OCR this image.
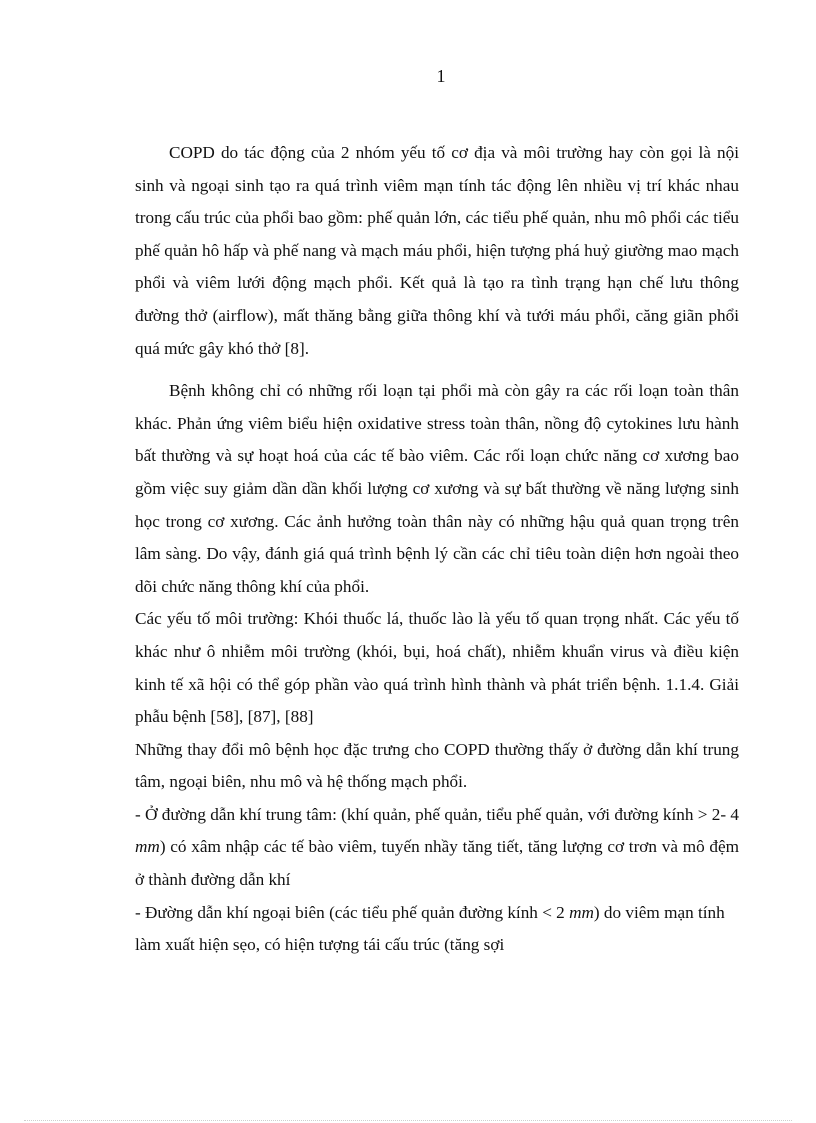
1

COPD do tác động của 2 nhóm yếu tố cơ địa và môi trường hay còn gọi là nội sinh và ngoại sinh tạo ra quá trình viêm mạn tính tác động lên nhiều vị trí khác nhau trong cấu trúc của phổi bao gồm: phế quản lớn, các tiểu phế quản, nhu mô phổi các tiểu phế quản hô hấp và phế nang và mạch máu phổi, hiện tượng phá huỷ giường mao mạch phổi và viêm lưới động mạch phổi. Kết quả là tạo ra tình trạng hạn chế lưu thông đường thở (airflow), mất thăng bằng giữa thông khí và tưới máu phổi, căng giãn phổi quá mức gây khó thở [8].

Bệnh không chỉ có những rối loạn tại phổi mà còn gây ra các rối loạn toàn thân khác. Phản ứng viêm biểu hiện oxidative stress toàn thân, nồng độ cytokines lưu hành bất thường và sự hoạt hoá của các tế bào viêm. Các rối loạn chức năng cơ xương bao gồm việc suy giảm dần dần khối lượng cơ xương và sự bất thường về năng lượng sinh học trong cơ xương. Các ảnh hưởng toàn thân này có những hậu quả quan trọng trên lâm sàng. Do vậy, đánh giá quá trình bệnh lý cần các chỉ tiêu toàn diện hơn ngoài theo dõi chức năng thông khí của phổi.

Các yếu tố môi trường: Khói thuốc lá, thuốc lào là yếu tố quan trọng nhất. Các yếu tố khác như ô nhiễm môi trường (khói, bụi, hoá chất), nhiễm khuẩn virus và điều kiện kinh tế xã hội có thể góp phần vào quá trình hình thành và phát triển bệnh. 1.1.4. Giải phẫu bệnh [58], [87], [88]

Những thay đổi mô bệnh học đặc trưng cho COPD thường thấy ở đường dẫn khí trung tâm, ngoại biên, nhu mô và hệ thống mạch phổi.

- Ở đường dẫn khí trung tâm: (khí quản, phế quản, tiểu phế quản, với đường kính > 2- 4 mm) có xâm nhập các tế bào viêm, tuyến nhầy tăng tiết, tăng lượng cơ trơn và mô đệm ở thành đường dẫn khí

- Đường dẫn khí ngoại biên (các tiểu phế quản đường kính < 2 mm) do viêm mạn tính làm xuất hiện sẹo, có hiện tượng tái cấu trúc (tăng sợi
